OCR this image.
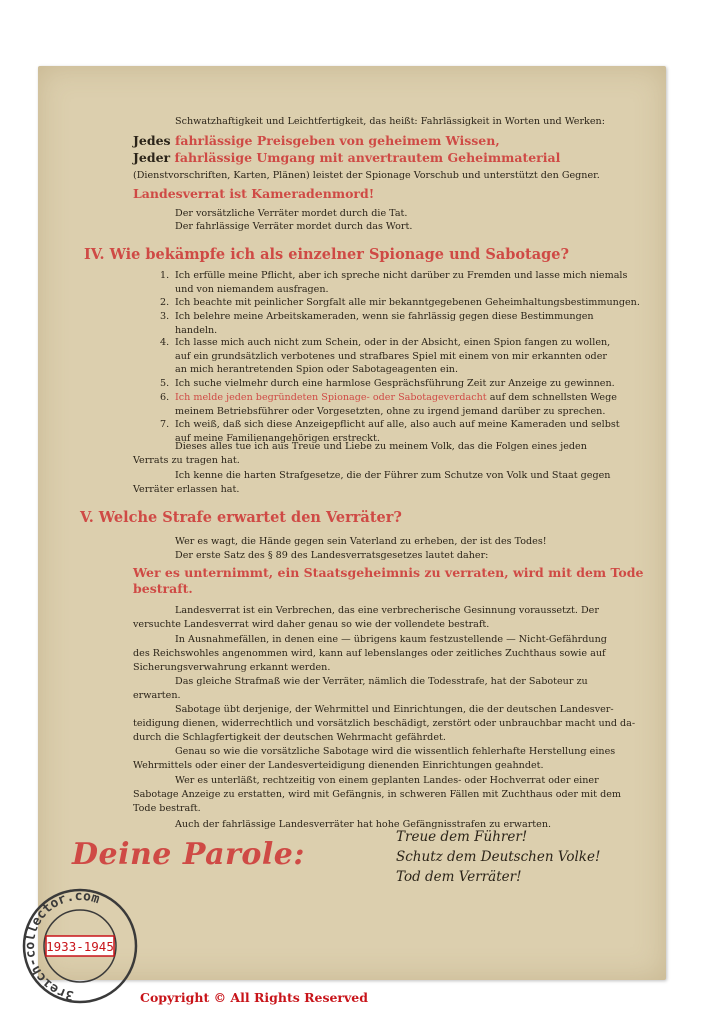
Schwatzhaftigkeit und Leichtfertigkeit, das heißt: Fahrlässigkeit in Worten und Werken:
Jedes fahrlässige Preisgeben von geheimem Wissen,
Jeder fahrlässige Umgang mit anvertrautem Geheimmaterial
(Dienstvorschriften, Karten, Plänen) leistet der Spionage Vorschub und unterstützt den Gegner.
Landesverrat ist Kameradenmord!
Der vorsätzliche Verräter mordet durch die Tat.
Der fahrlässige Verräter mordet durch das Wort.
IV. Wie bekämpfe ich als einzelner Spionage und Sabotage?
1. Ich erfülle meine Pflicht, aber ich spreche nicht darüber zu Fremden und lasse mich niemals
und von niemandem ausfragen.
2. Ich beachte mit peinlicher Sorgfalt alle mir bekanntgegebenen Geheimhaltungsbestimmungen.
3. Ich belehre meine Arbeitskameraden, wenn sie fahrlässig gegen diese Bestimmungen
handeln.
4. Ich lasse mich auch nicht zum Schein, oder in der Absicht, einen Spion fangen zu wollen,
auf ein grundsätzlich verbotenes und strafbares Spiel mit einem von mir erkannten oder
an mich herantretenden Spion oder Sabotageagenten ein.
5. Ich suche vielmehr durch eine harmlose Gesprächsführung Zeit zur Anzeige zu gewinnen.
6. Ich melde jeden begründeten Spionage- oder Sabotageverdacht auf dem schnellsten Wege
meinem Betriebsführer oder Vorgesetzten, ohne zu irgend jemand darüber zu sprechen.
7. Ich weiß, daß sich diese Anzeigepflicht auf alle, also auch auf meine Kameraden und selbst
auf meine Familienangehörigen erstreckt.
Dieses alles tue ich aus Treue und Liebe zu meinem Volk, das die Folgen eines jeden
Verrats zu tragen hat.
Ich kenne die harten Strafgesetze, die der Führer zum Schutze von Volk und Staat gegen
Verräter erlassen hat.
V. Welche Strafe erwartet den Verräter?
Wer es wagt, die Hände gegen sein Vaterland zu erheben, der ist des Todes!
Der erste Satz des § 89 des Landesverratsgesetzes lautet daher:
Wer es unternimmt, ein Staatsgeheimnis zu verraten, wird mit dem Tode
bestraft.
Landesverrat ist ein Verbrechen, das eine verbrecherische Gesinnung voraussetzt. Der
versuchte Landesverrat wird daher genau so wie der vollendete bestraft.
In Ausnahmefällen, in denen eine — übrigens kaum festzustellende — Nicht-Gefährdung
des Reichswohles angenommen wird, kann auf lebenslanges oder zeitliches Zuchthaus sowie auf
Sicherungsverwahrung erkannt werden.
Das gleiche Strafmaß wie der Verräter, nämlich die Todesstrafe, hat der Saboteur zu
erwarten.
Sabotage übt derjenige, der Wehrmittel und Einrichtungen, die der deutschen Landesver-
teidigung dienen, widerrechtlich und vorsätzlich beschädigt, zerstört oder unbrauchbar macht und da-
durch die Schlagfertigkeit der deutschen Wehrmacht gefährdet.
Genau so wie die vorsätzliche Sabotage wird die wissentlich fehlerhafte Herstellung eines
Wehrmittels oder einer der Landesverteidigung dienenden Einrichtungen geahndet.
Wer es unterläßt, rechtzeitig von einem geplanten Landes- oder Hochverrat oder einer
Sabotage Anzeige zu erstatten, wird mit Gefängnis, in schweren Fällen mit Zuchthaus oder mit dem
Tode bestraft.
Auch der fahrlässige Landesverräter hat hohe Gefängnisstrafen zu erwarten.
Deine Parole:	Treue dem Führer!
Schutz dem Deutschen Volke!
Tod dem Verräter!
3reich-collector.com
1933-1945
Copyright © All Rights Reserved
